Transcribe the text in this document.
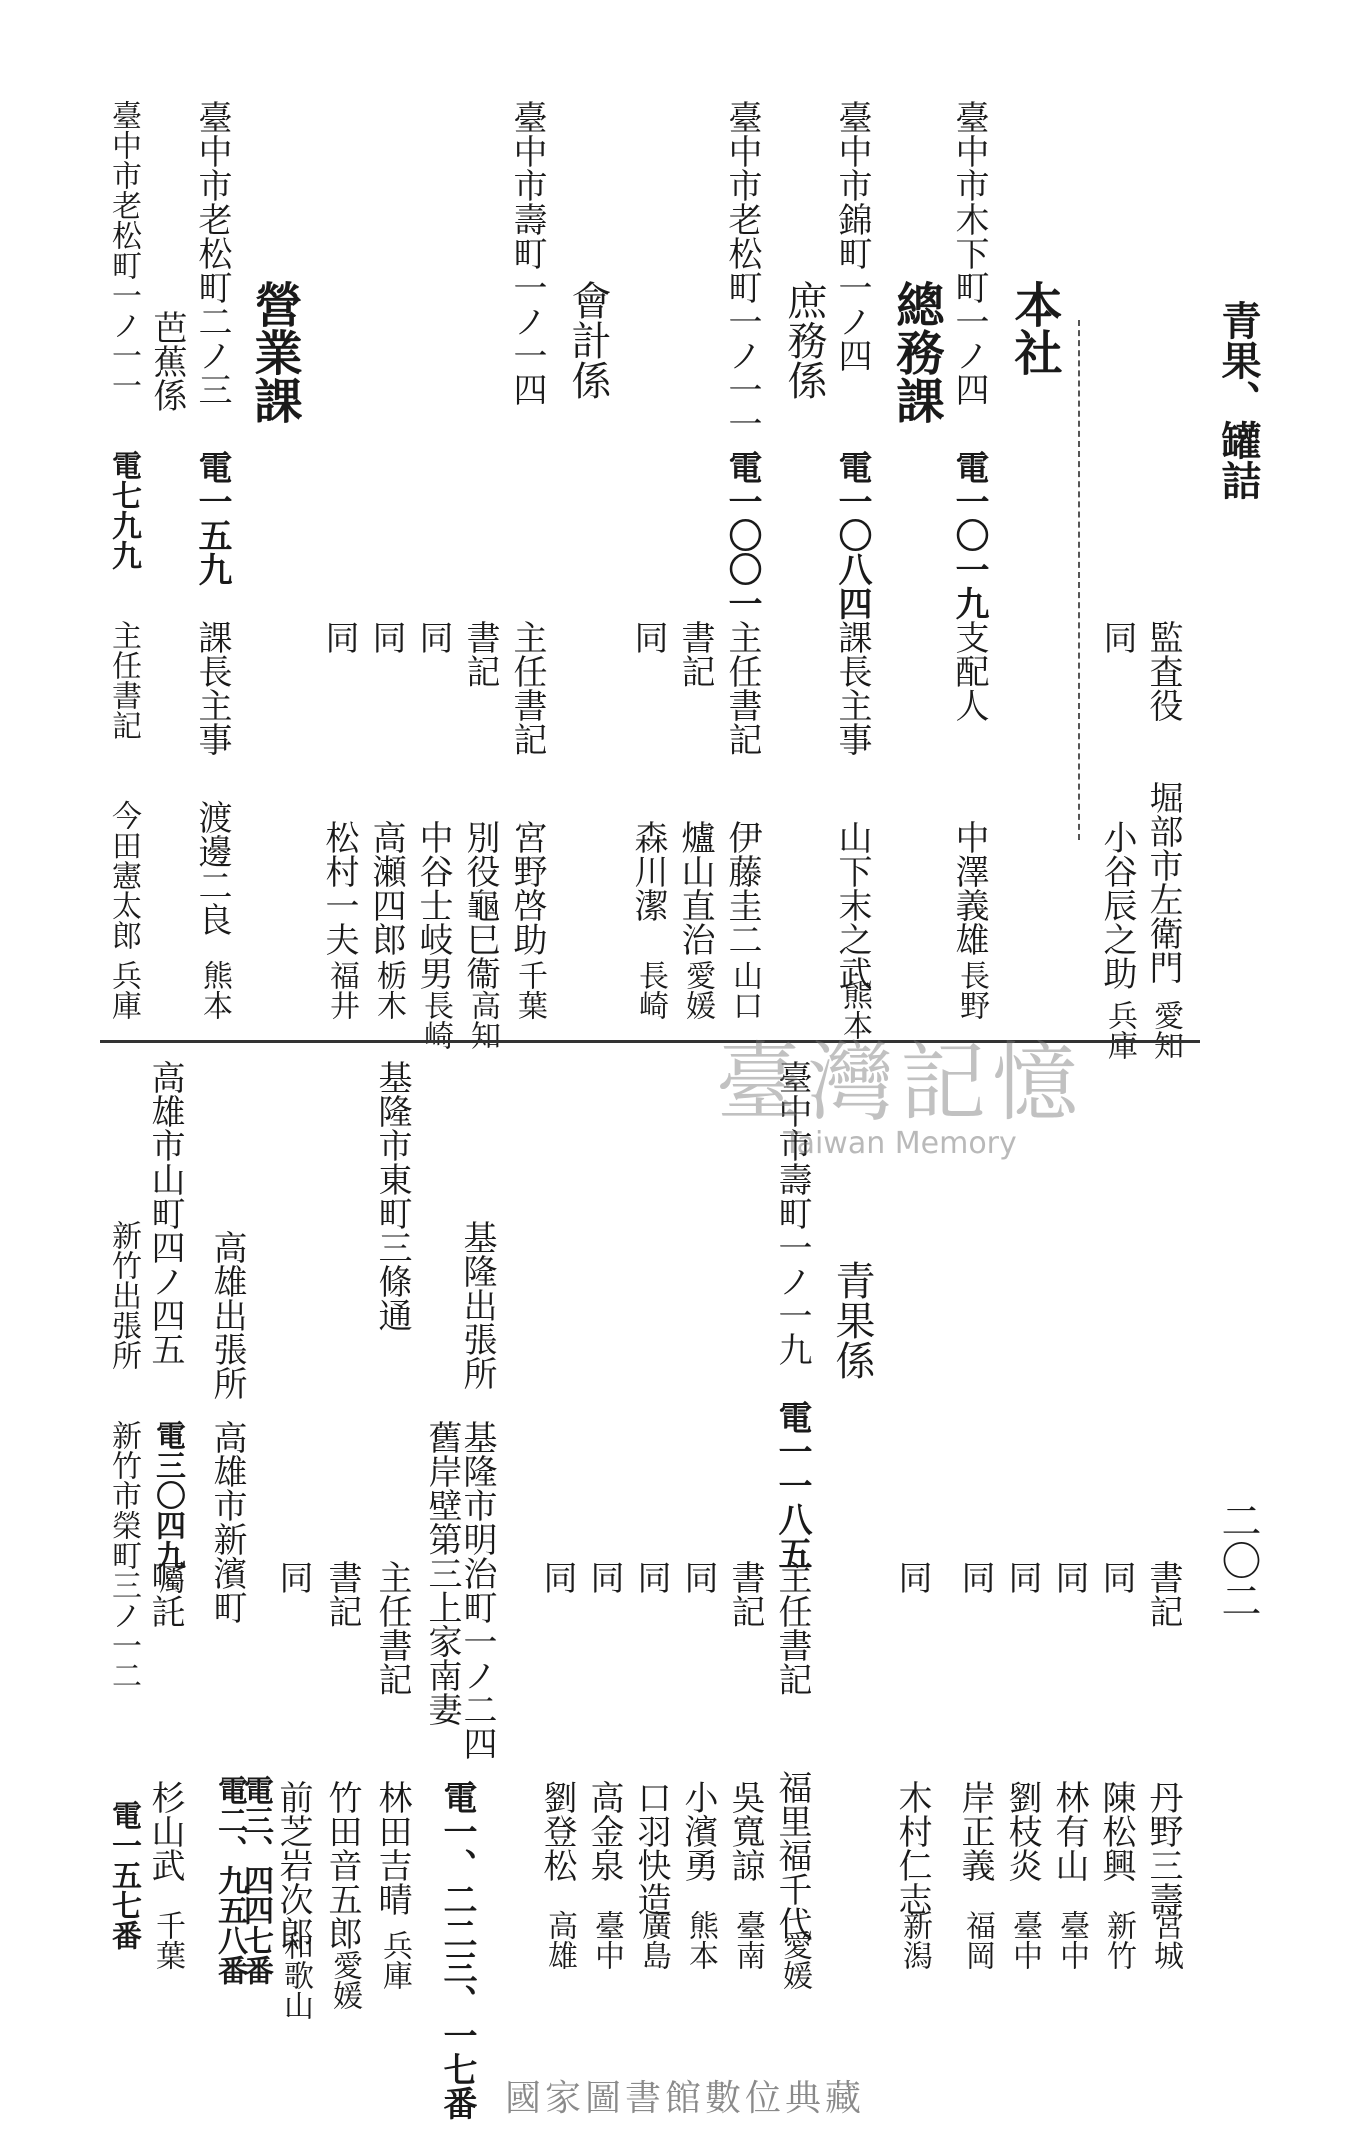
青果、罐詰
二〇二
監査役
堀部市左衛門
愛知
同
小谷辰之助
兵庫
本社
臺中市木下町一ノ四
電一〇一九
支配人
中澤義雄
長野
總務課
臺中市錦町一ノ四
電一〇八四
課長主事
山下末之武
熊本
庶務係
臺中市老松町一ノ一一
電一〇〇一
主任書記
伊藤圭二
山口
書記
爐山直治
愛媛
同
森川潔
長崎
會計係
臺中市壽町一ノ一四
主任書記
宮野啓助
千葉
書記
別役龜巳衞
高知
同
中谷士岐男
長崎
同
高瀬四郎
栃木
同
松村一夫
福井
營業課
臺中市老松町二ノ三
電一五九
課長主事
渡邊二良
熊本
芭蕉係
臺中市老松町一ノ一一
電七九九
主任書記
今田憲太郎
兵庫
書記
丹野三壽
宮城
同
陳松興
新竹
同
林有山
臺中
同
劉枝炎
臺中
同
岸正義
福岡
同
木村仁志
新潟
青果係
臺中市壽町一ノ一九
電一一八五
主任書記
福里福千代
愛媛
書記
吳寬諒
臺南
同
小濱勇
熊本
同
口羽快造
廣島
同
高金泉
臺中
同
劉登松
高雄
基隆出張所
基隆市明治町一ノ二四
舊岸壁第三上家南妻
電一、二二三、一七番
基隆市東町三條通
主任書記
林田吉晴
兵庫
書記
竹田音五郎
愛媛
同
前芝岩次郎
和歌山
高雄出張所
高雄市新濱町
電二、九五八番
電三、四四七番
高雄市山町四ノ四五
電三〇四九
囑託
杉山武
千葉
新竹出張所
新竹市榮町三ノ一二
電一五七番
臺灣記憶
Taiwan Memory
國家圖書館數位典藏
